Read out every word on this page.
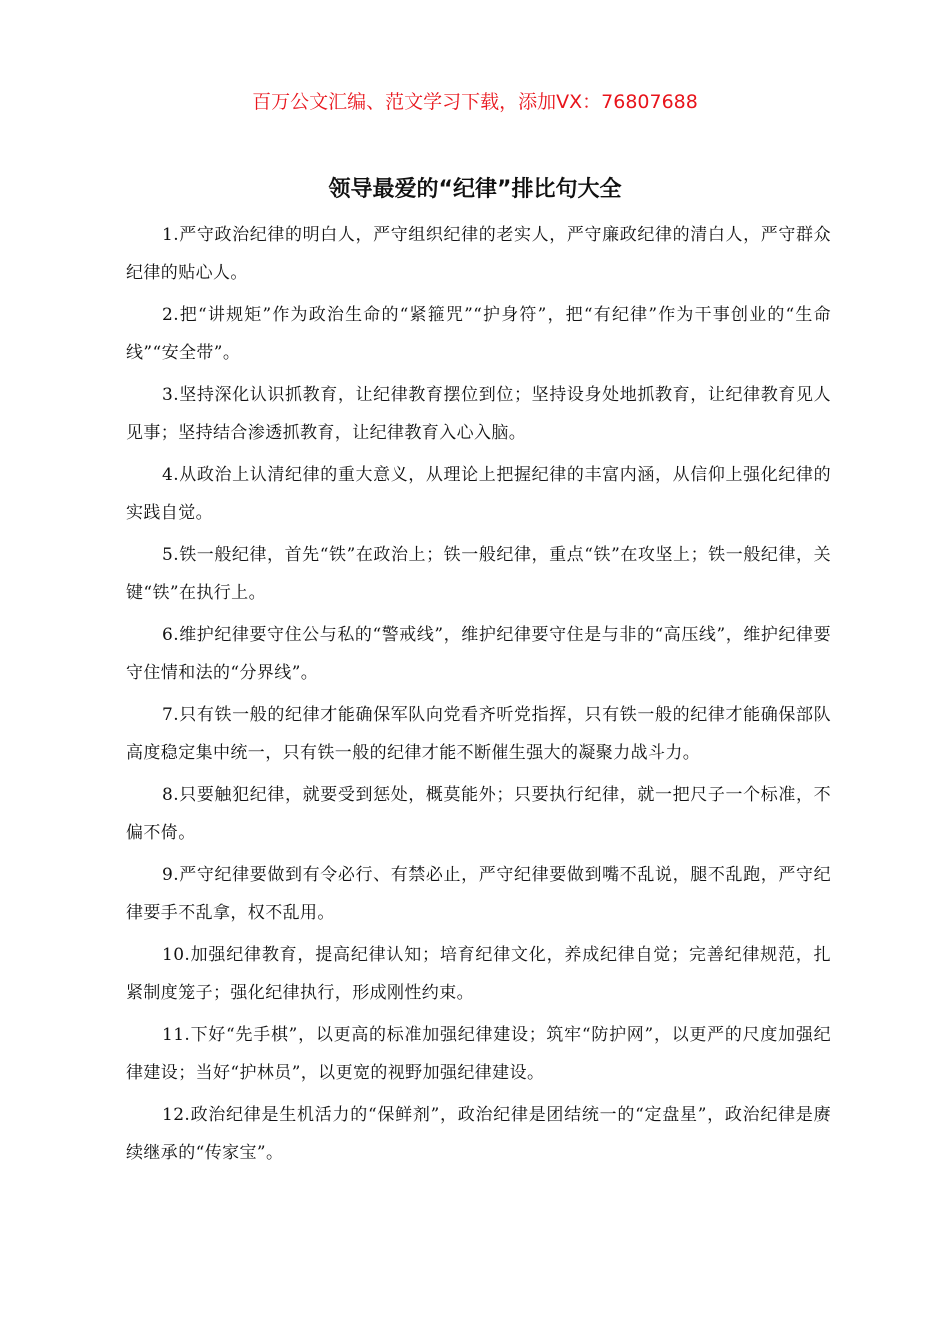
百万公文汇编、范文学习下载，添加VX：76807688
领导最爱的“纪律”排比句大全

1.严守政治纪律的明白人，严守组织纪律的老实人，严守廉政纪律的清白人，严守群众纪律的贴心人。

2.把“讲规矩”作为政治生命的“紧箍咒”“护身符”，把“有纪律”作为干事创业的“生命线”“安全带”。

3.坚持深化认识抓教育，让纪律教育摆位到位；坚持设身处地抓教育，让纪律教育见人见事；坚持结合渗透抓教育，让纪律教育入心入脑。

4.从政治上认清纪律的重大意义，从理论上把握纪律的丰富内涵，从信仰上强化纪律的实践自觉。

5.铁一般纪律，首先“铁”在政治上；铁一般纪律，重点“铁”在攻坚上；铁一般纪律，关键“铁”在执行上。

6.维护纪律要守住公与私的“警戒线”，维护纪律要守住是与非的“高压线”，维护纪律要守住情和法的“分界线”。

7.只有铁一般的纪律才能确保军队向党看齐听党指挥，只有铁一般的纪律才能确保部队高度稳定集中统一，只有铁一般的纪律才能不断催生强大的凝聚力战斗力。

8.只要触犯纪律，就要受到惩处，概莫能外；只要执行纪律，就一把尺子一个标准，不偏不倚。

9.严守纪律要做到有令必行、有禁必止，严守纪律要做到嘴不乱说，腿不乱跑，严守纪律要手不乱拿，权不乱用。

10.加强纪律教育，提高纪律认知；培育纪律文化，养成纪律自觉；完善纪律规范，扎紧制度笼子；强化纪律执行，形成刚性约束。

11.下好“先手棋”，以更高的标准加强纪律建设；筑牢“防护网”，以更严的尺度加强纪律建设；当好“护林员”，以更宽的视野加强纪律建设。

12.政治纪律是生机活力的“保鲜剂”，政治纪律是团结统一的“定盘星”，政治纪律是赓续继承的“传家宝”。
